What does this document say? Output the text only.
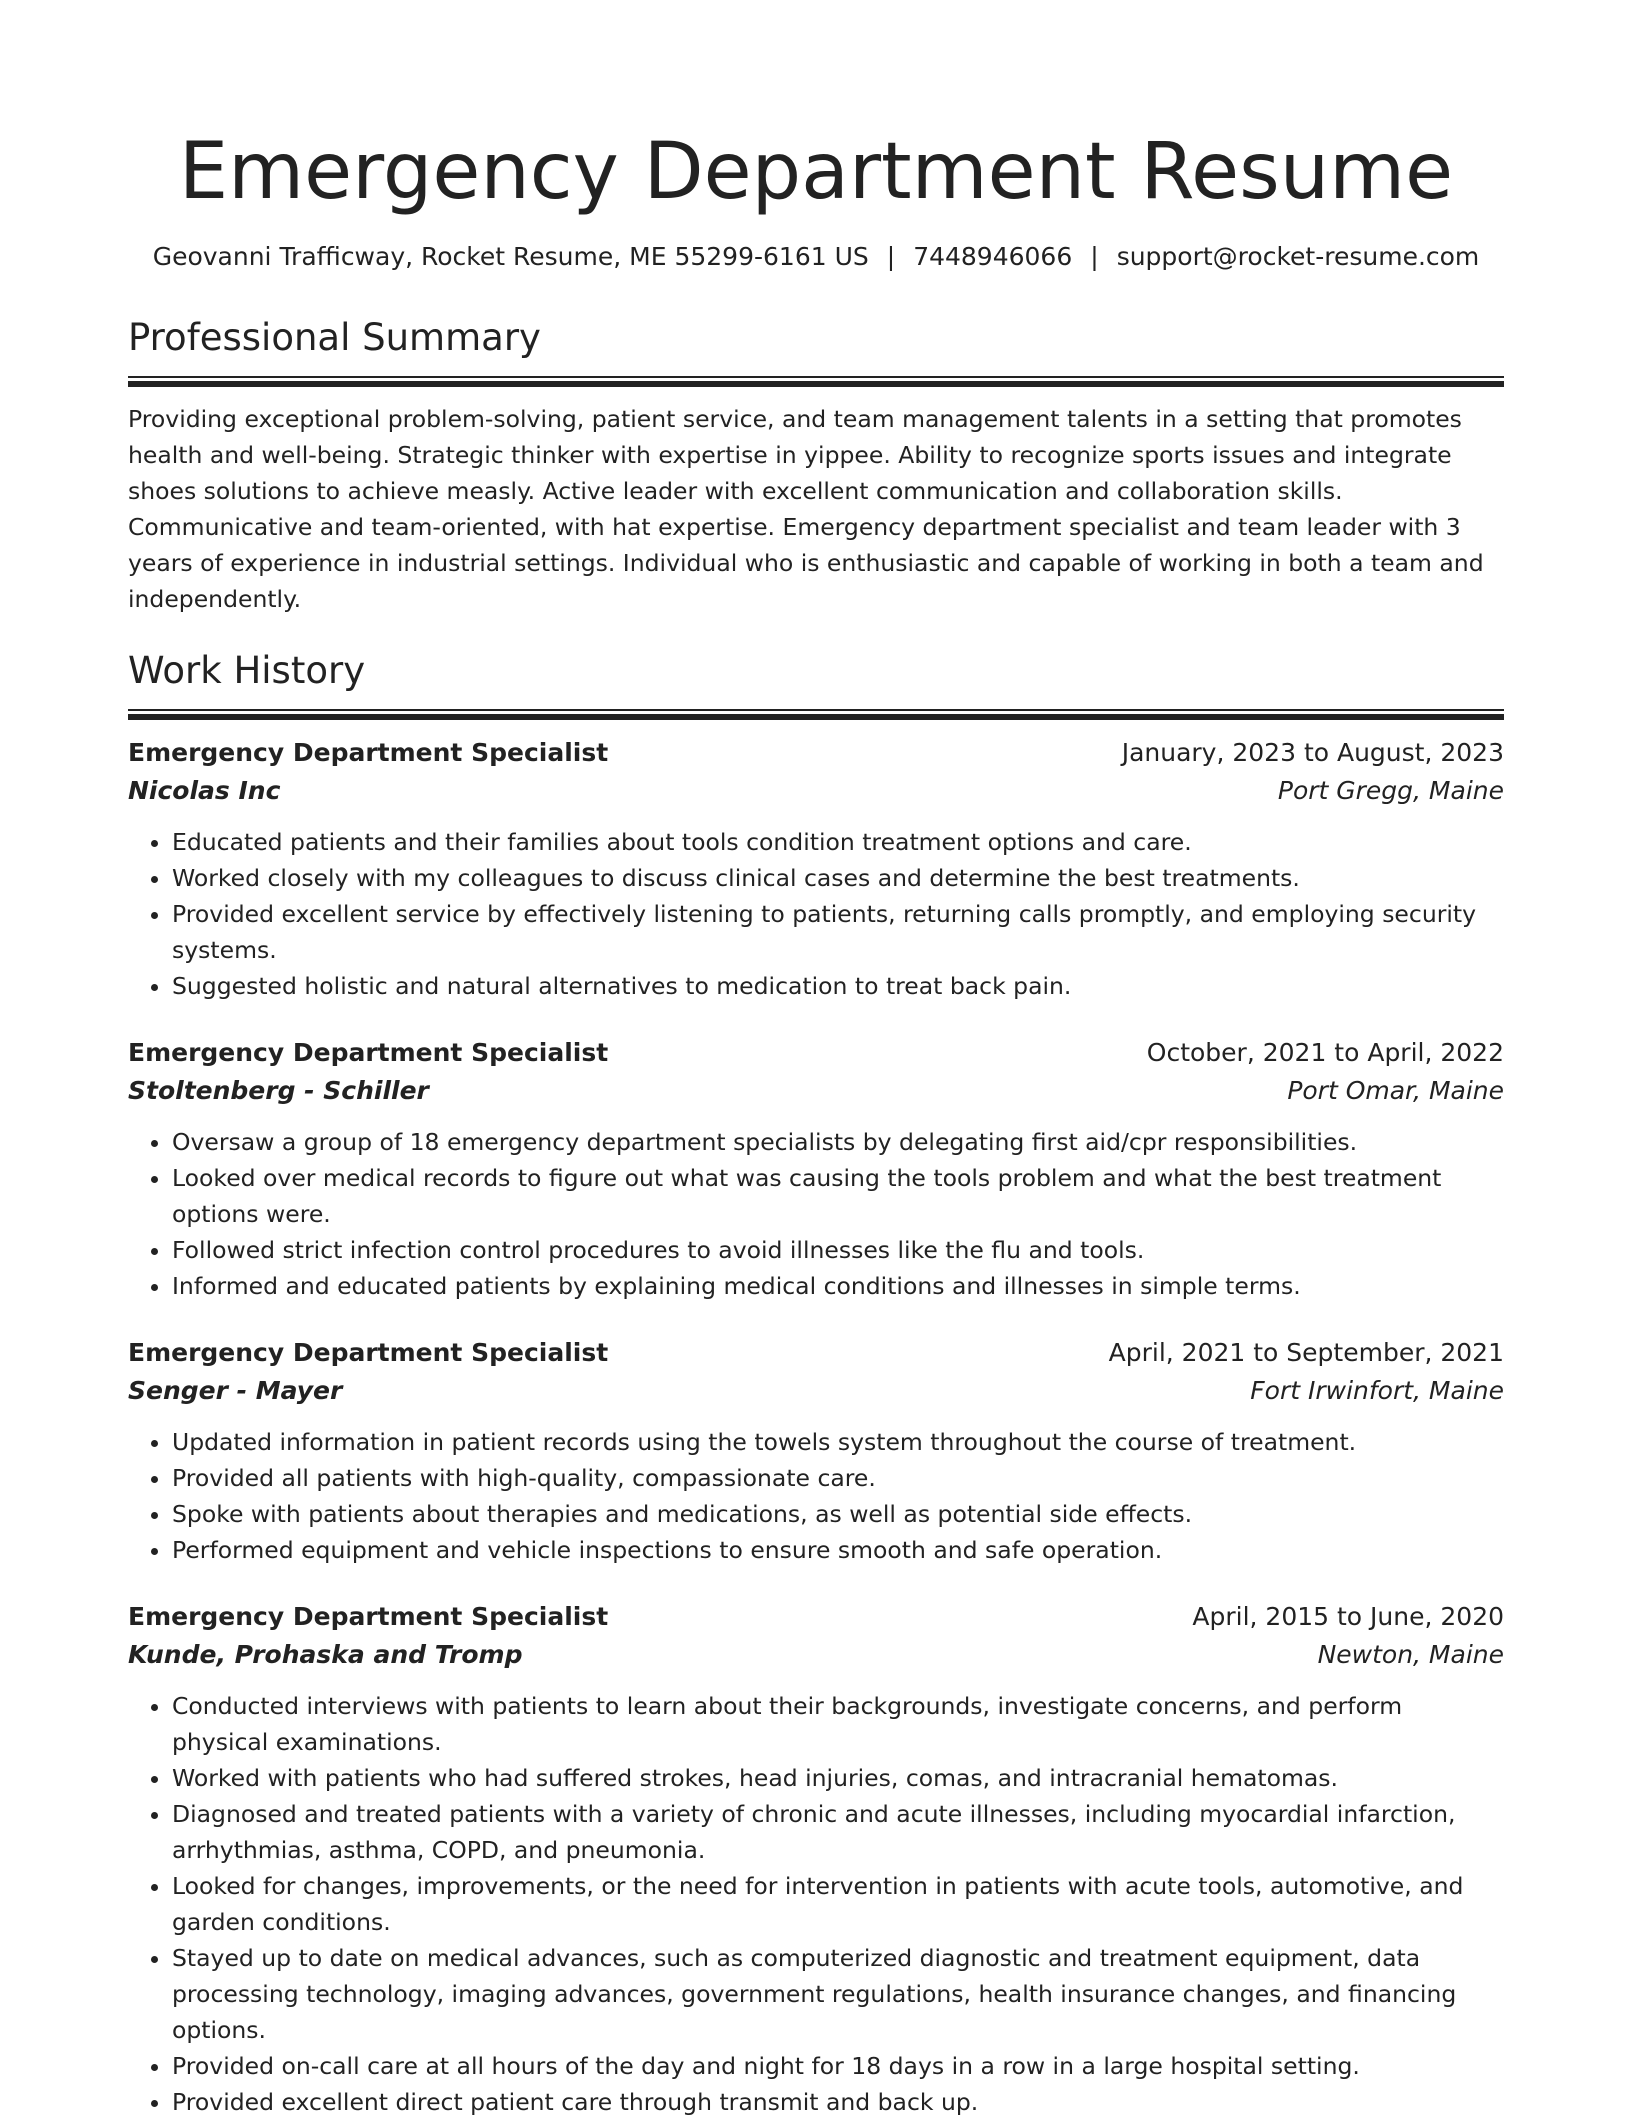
Emergency Department Resume
Geovanni Trafficway, Rocket Resume, ME 55299-6161 US | 7448946066 | support@rocket-resume.com
Professional Summary

Providing exceptional problem-solving, patient service, and team management talents in a setting that promotes health and well-being. Strategic thinker with expertise in yippee. Ability to recognize sports issues and integrate shoes solutions to achieve measly. Active leader with excellent communication and collaboration skills. Communicative and team-oriented, with hat expertise. Emergency department specialist and team leader with 3 years of experience in industrial settings. Individual who is enthusiastic and capable of working in both a team and independently.

Work History
Emergency Department Specialist	January, 2023 to August, 2023
Nicolas Inc	Port Gregg, Maine
• Educated patients and their families about tools condition treatment options and care.
• Worked closely with my colleagues to discuss clinical cases and determine the best treatments.
• Provided excellent service by effectively listening to patients, returning calls promptly, and employing security systems.
• Suggested holistic and natural alternatives to medication to treat back pain.
Emergency Department Specialist	October, 2021 to April, 2022
Stoltenberg - Schiller	Port Omar, Maine
• Oversaw a group of 18 emergency department specialists by delegating first aid/cpr responsibilities.
• Looked over medical records to figure out what was causing the tools problem and what the best treatment options were.
• Followed strict infection control procedures to avoid illnesses like the flu and tools.
• Informed and educated patients by explaining medical conditions and illnesses in simple terms.
Emergency Department Specialist	April, 2021 to September, 2021
Senger - Mayer	Fort Irwinfort, Maine
• Updated information in patient records using the towels system throughout the course of treatment.
• Provided all patients with high-quality, compassionate care.
• Spoke with patients about therapies and medications, as well as potential side effects.
• Performed equipment and vehicle inspections to ensure smooth and safe operation.
Emergency Department Specialist	April, 2015 to June, 2020
Kunde, Prohaska and Tromp	Newton, Maine
• Conducted interviews with patients to learn about their backgrounds, investigate concerns, and perform physical examinations.
• Worked with patients who had suffered strokes, head injuries, comas, and intracranial hematomas.
• Diagnosed and treated patients with a variety of chronic and acute illnesses, including myocardial infarction, arrhythmias, asthma, COPD, and pneumonia.
• Looked for changes, improvements, or the need for intervention in patients with acute tools, automotive, and garden conditions.
• Stayed up to date on medical advances, such as computerized diagnostic and treatment equipment, data processing technology, imaging advances, government regulations, health insurance changes, and financing options.
• Provided on-call care at all hours of the day and night for 18 days in a row in a large hospital setting.
• Provided excellent direct patient care through transmit and back up.
